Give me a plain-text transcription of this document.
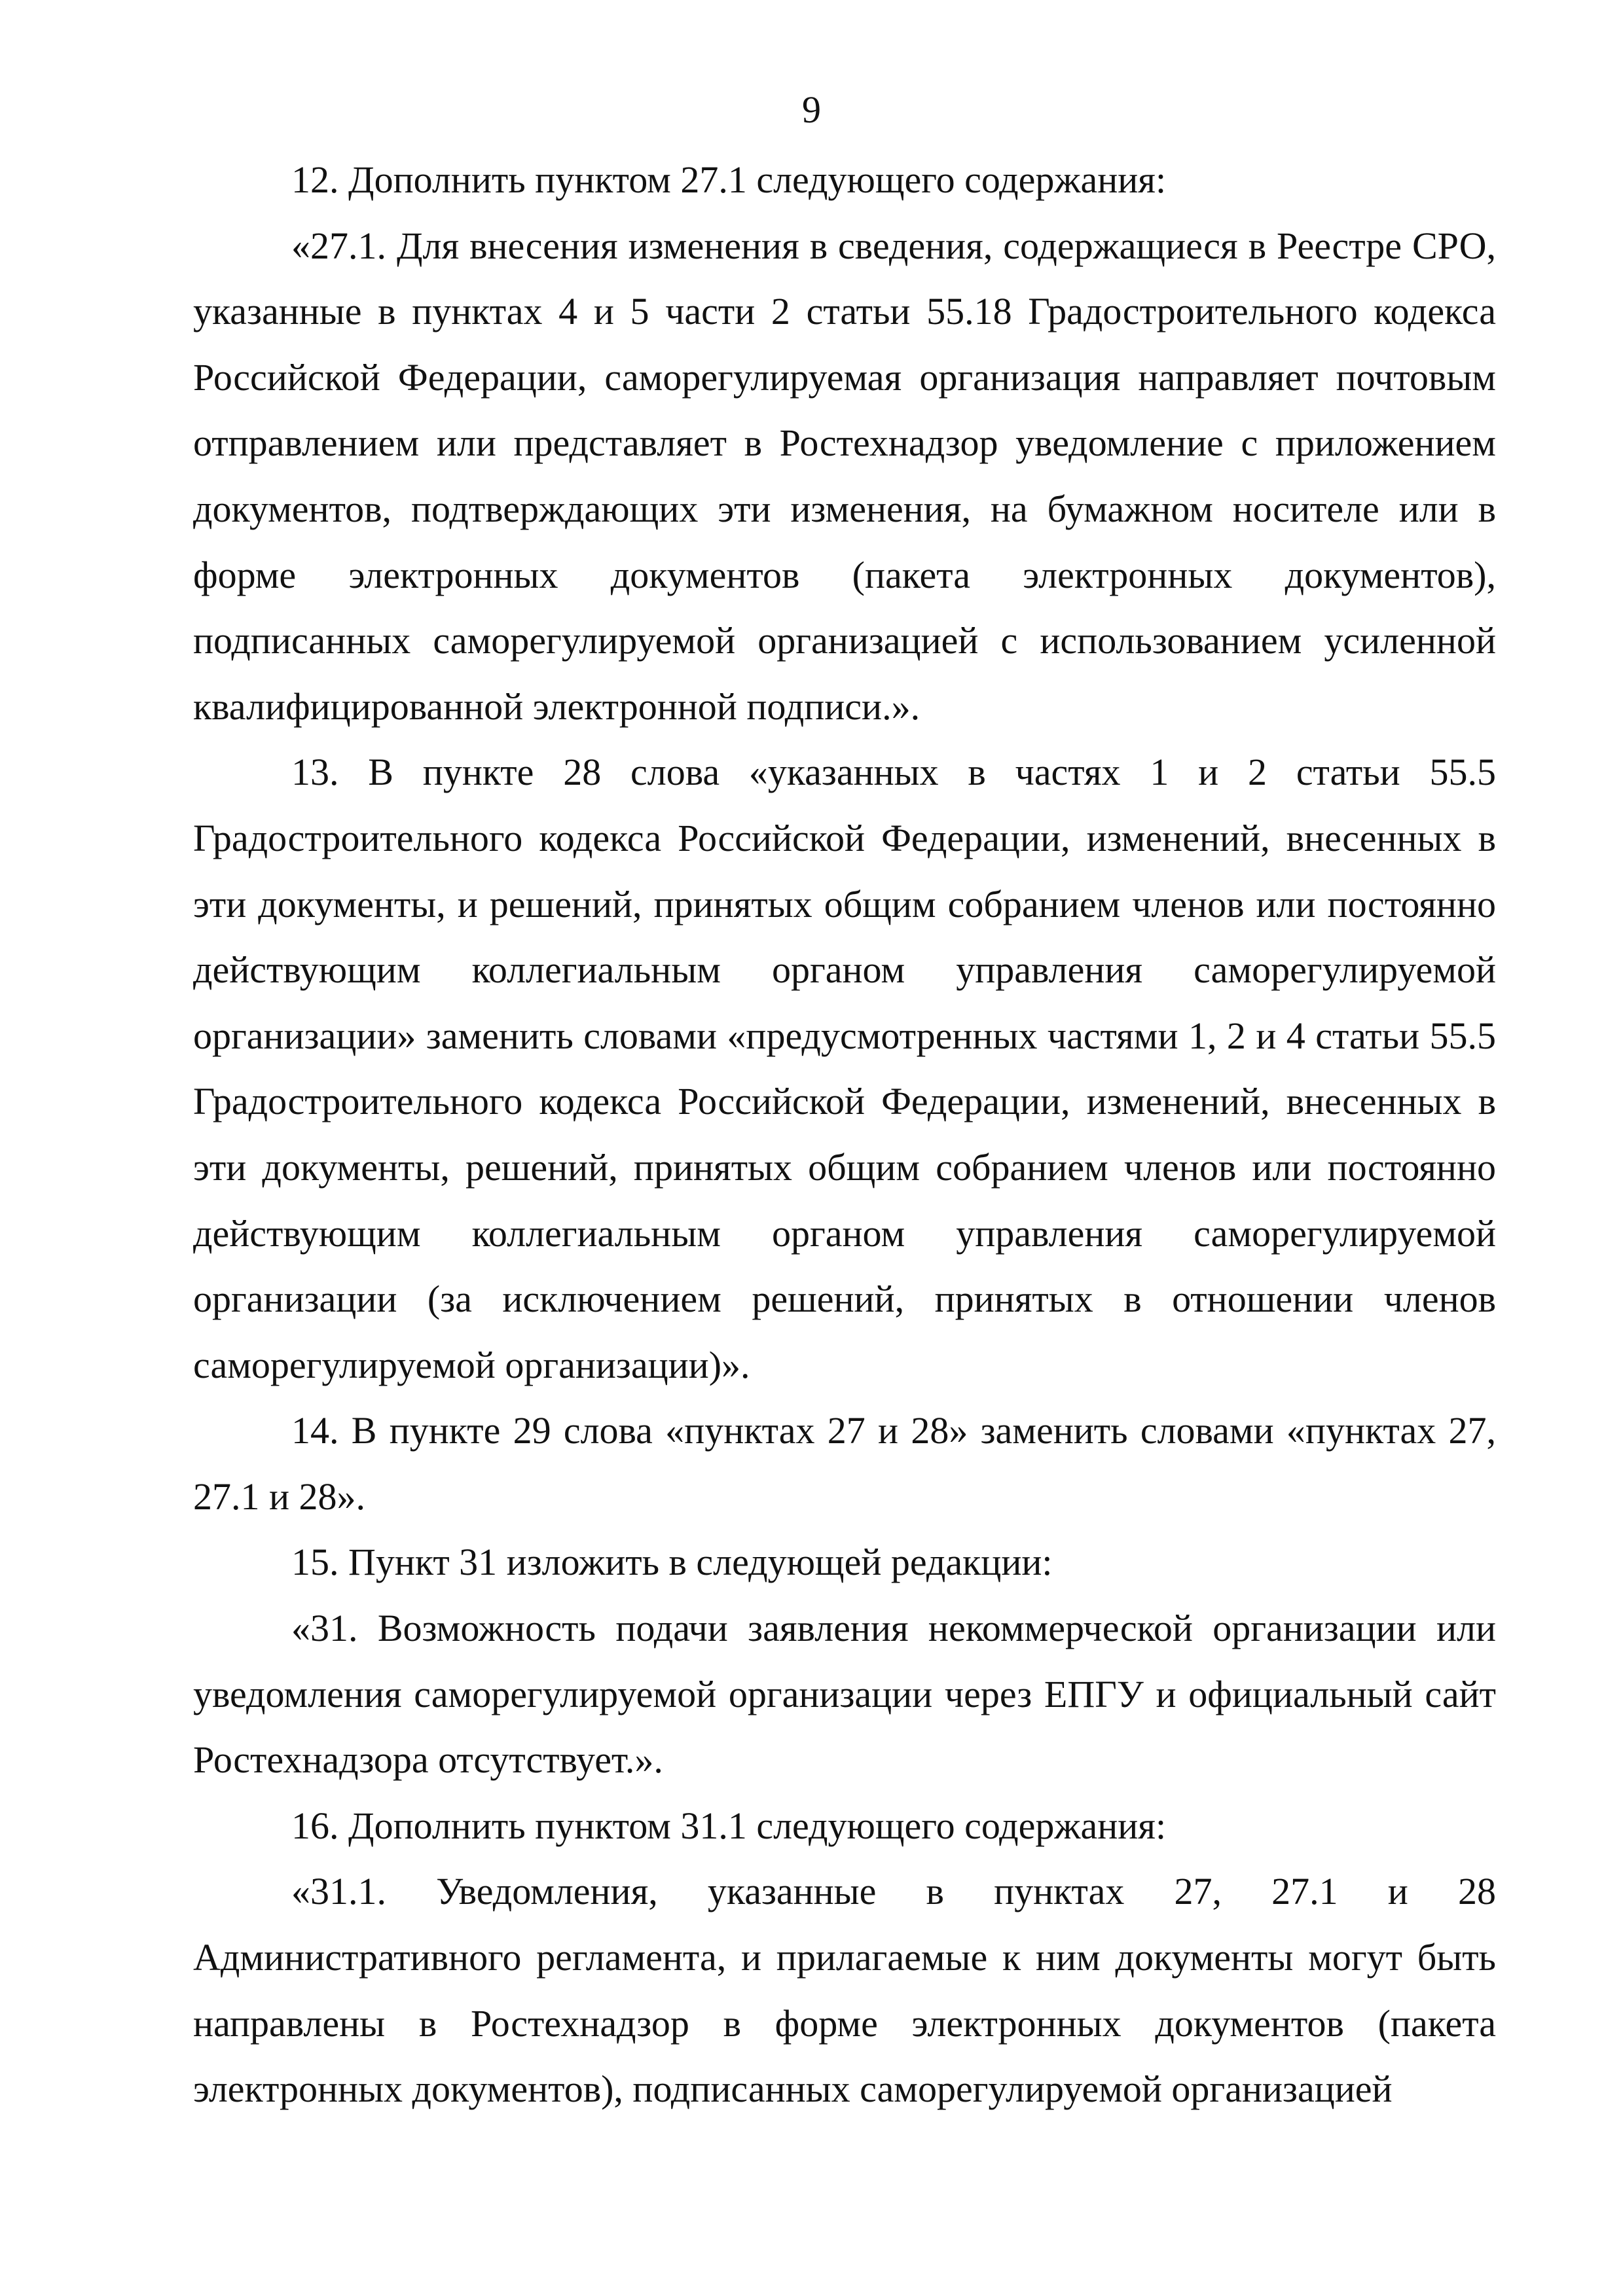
9

12. Дополнить пунктом 27.1 следующего содержания:

«27.1. Для внесения изменения в сведения, содержащиеся в Реестре СРО, указанные в пунктах 4 и 5 части 2 статьи 55.18 Градостроительного кодекса Российской Федерации, саморегулируемая организация направляет почтовым отправлением или представляет в Ростехнадзор уведомление с приложением документов, подтверждающих эти изменения, на бумажном носителе или в форме электронных документов (пакета электронных документов), подписанных саморегулируемой организацией с использованием усиленной квалифицированной электронной подписи.».

13. В пункте 28 слова «указанных в частях 1 и 2 статьи 55.5 Градостроительного кодекса Российской Федерации, изменений, внесенных в эти документы, и решений, принятых общим собранием членов или постоянно действующим коллегиальным органом управления саморегулируемой организации» заменить словами «предусмотренных частями 1, 2 и 4 статьи 55.5 Градостроительного кодекса Российской Федерации, изменений, внесенных в эти документы, решений, принятых общим собранием членов или постоянно действующим коллегиальным органом управления саморегулируемой организации (за исключением решений, принятых в отношении членов саморегулируемой организации)».

14. В пункте 29 слова «пунктах 27 и 28» заменить словами «пунктах 27, 27.1 и 28».

15. Пункт 31 изложить в следующей редакции:

«31. Возможность подачи заявления некоммерческой организации или уведомления саморегулируемой организации через ЕПГУ и официальный сайт Ростехнадзора отсутствует.».

16. Дополнить пунктом 31.1 следующего содержания:

«31.1. Уведомления, указанные в пунктах 27, 27.1 и 28 Административного регламента, и прилагаемые к ним документы могут быть направлены в Ростехнадзор в форме электронных документов (пакета электронных документов), подписанных саморегулируемой организацией
